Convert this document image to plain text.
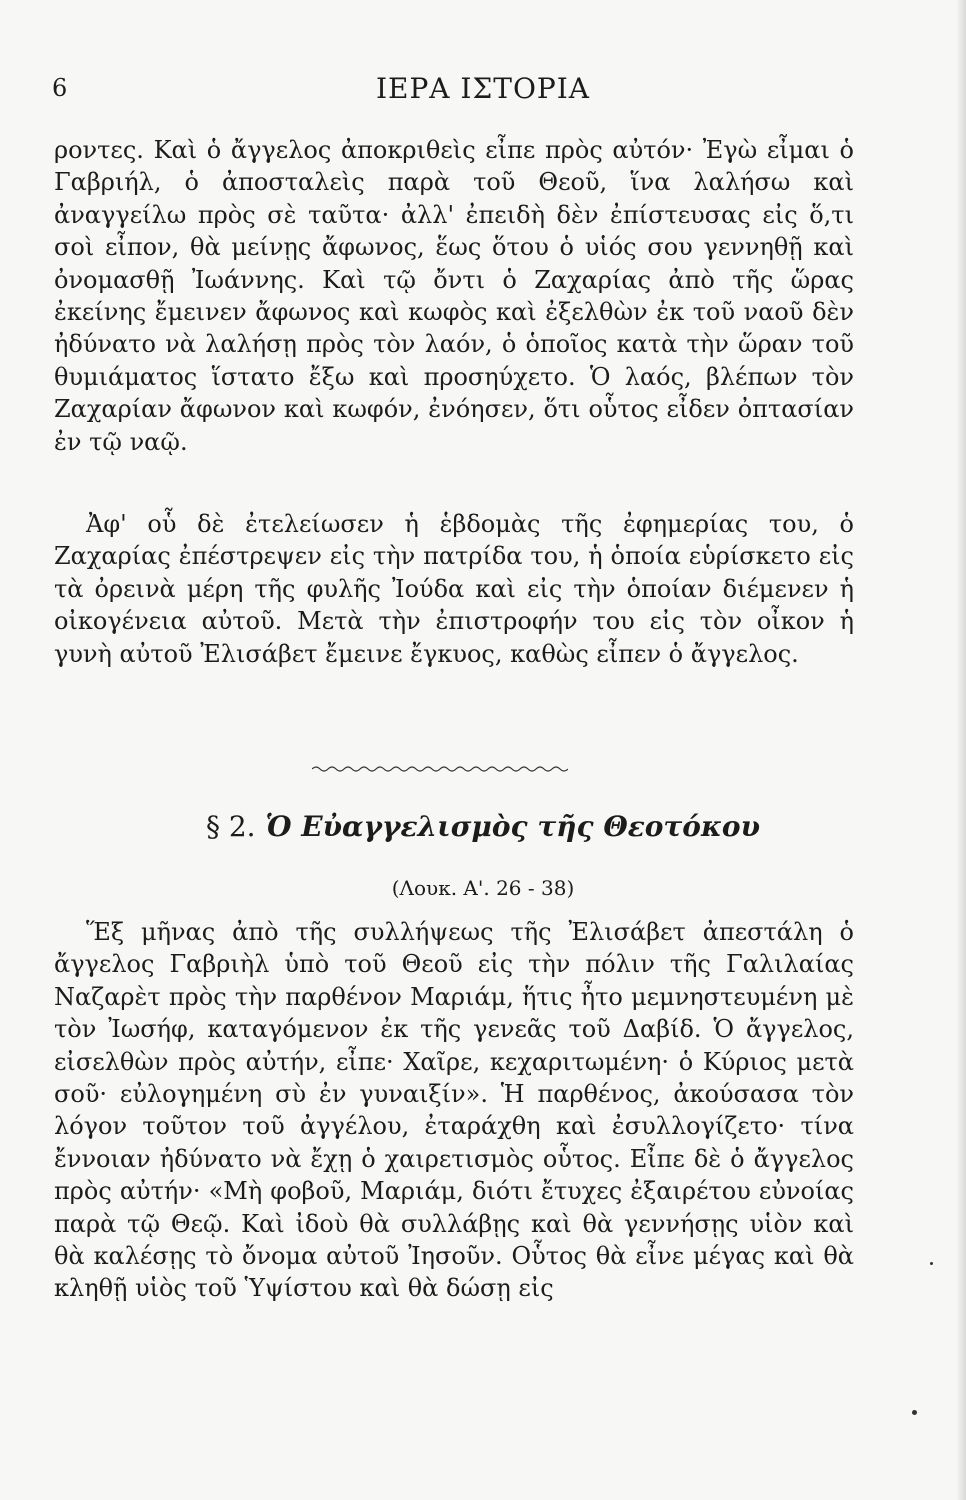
6	ΙΕΡΑ ΙΣΤΟΡΙΑ

ροντες. Καὶ ὁ ἄγγελος ἀποκριθεὶς εἶπε πρὸς αὐτόν· Ἐγὼ εἶμαι ὁ Γαβριήλ, ὁ ἀποσταλεὶς παρὰ τοῦ Θεοῦ, ἵνα λαλήσω καὶ ἀναγγείλω πρὸς σὲ ταῦτα· ἀλλ' ἐπειδὴ δὲν ἐπίστευσας εἰς ὅ,τι σοὶ εἶπον, θὰ μείνῃς ἄφωνος, ἕως ὅτου ὁ υἱός σου γεννηθῇ καὶ ὀνομασθῇ Ἰωάννης. Καὶ τῷ ὄντι ὁ Ζαχαρίας ἀπὸ τῆς ὥρας ἐκείνης ἔμεινεν ἄφωνος καὶ κωφὸς καὶ ἐξελθὼν ἐκ τοῦ ναοῦ δὲν ἠδύνατο νὰ λαλήσῃ πρὸς τὸν λαόν, ὁ ὁποῖος κατὰ τὴν ὥραν τοῦ θυμιάματος ἵστατο ἔξω καὶ προσηύχετο. Ὁ λαός, βλέπων τὸν Ζαχαρίαν ἄφωνον καὶ κωφόν, ἐνόησεν, ὅτι οὗτος εἶδεν ὀπτασίαν ἐν τῷ ναῷ.

Ἀφ' οὗ δὲ ἐτελείωσεν ἡ ἑβδομὰς τῆς ἐφημερίας του, ὁ Ζαχαρίας ἐπέστρεψεν εἰς τὴν πατρίδα του, ἡ ὁποία εὑρίσκετο εἰς τὰ ὀρεινὰ μέρη τῆς φυλῆς Ἰούδα καὶ εἰς τὴν ὁποίαν διέμενεν ἡ οἰκογένεια αὐτοῦ. Μετὰ τὴν ἐπιστροφήν του εἰς τὸν οἶκον ἡ γυνὴ αὐτοῦ Ἐλισάβετ ἔμεινε ἔγκυος, καθὼς εἶπεν ὁ ἄγγελος.

§ 2. Ὁ Εὐαγγελισμὸς τῆς Θεοτόκου
(Λουκ. Α'. 26 - 38)

Ἕξ μῆνας ἀπὸ τῆς συλλήψεως τῆς Ἐλισάβετ ἀπεστάλη ὁ ἄγγελος Γαβριὴλ ὑπὸ τοῦ Θεοῦ εἰς τὴν πόλιν τῆς Γαλιλαίας Ναζαρὲτ πρὸς τὴν παρθένον Μαριάμ, ἥτις ἦτο μεμνηστευμένη μὲ τὸν Ἰωσήφ, καταγόμενον ἐκ τῆς γενεᾶς τοῦ Δαβίδ. Ὁ ἄγγελος, εἰσελθὼν πρὸς αὐτήν, εἶπε· Χαῖρε, κεχαριτωμένη· ὁ Κύριος μετὰ σοῦ· εὐλογημένη σὺ ἐν γυναιξίν». Ἡ παρθένος, ἀκούσασα τὸν λόγον τοῦτον τοῦ ἀγγέλου, ἐταράχθη καὶ ἐσυλλογίζετο· τίνα ἔννοιαν ἠδύνατο νὰ ἔχῃ ὁ χαιρετισμὸς οὗτος. Εἶπε δὲ ὁ ἄγγελος πρὸς αὐτήν· «Μὴ φοβοῦ, Μαριάμ, διότι ἔτυχες ἐξαιρέτου εὐνοίας παρὰ τῷ Θεῷ. Καὶ ἰδοὺ θὰ συλλάβῃς καὶ θὰ γεννήσῃς υἱὸν καὶ θὰ καλέσῃς τὸ ὄνομα αὐτοῦ Ἰησοῦν. Οὗτος θὰ εἶνε μέγας καὶ θὰ κληθῇ υἱὸς τοῦ Ὑψίστου καὶ θὰ δώσῃ εἰς
